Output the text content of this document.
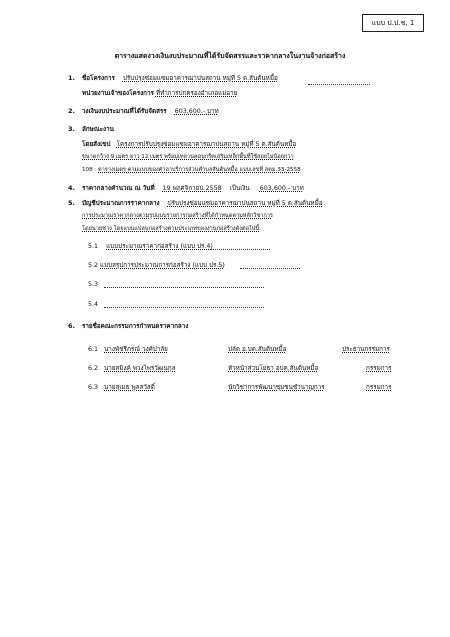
แบบ ป.ป.ช. 1
ตารางแสดงวงเงินงบประมาณที่ได้รับจัดสรรและราคากลางในงานจ้างก่อสร้าง
1. ชื่อโครงการ ปรับปรุงซ่อมแซมอาคารฌาปนสถาน หมู่ที่ 5 ต.สันต้นหมื้อ
หน่วยงานเจ้าของโครงการ ที่ทำการปกครองอำเภอแม่อาย
2. วงเงินงบประมาณที่ได้รับจัดสรร 603,600.- บาท
3. ลักษณะงาน
โดยสังเขป โครงการปรับปรุงซ่อมแซมอาคารฌาปนสถาน หมู่ที่ 5 ต.สันต้นหมื้อ
ขนาดกว้าง 9 เมตร ยาว 12 เมตร พร้อมเทลานคอนกรีตเสริมเหล็กพื้นที่ใช้สอยไม่น้อยกว่า
108 ตารางเมตร ตามแบบของศาลาบริการส่วนตำบลสันต้นหมื้อ แบบเลขที่ สตม.33-2558
4. ราคากลางคำนวณ ณ วันที่ 19 พฤศจิกายน 2558 เป็นเงิน 603,600.- บาท
5. บัญชีประมาณการราคากลาง ปรับปรุงซ่อมแซมอาคารฌาปนสถาน หมู่ที่ 5 ต.สันต้นหมื้อ
การประมาณราคากลางตามรูปแบบรายการก่อสร้างที่ได้กำหนดตามหลักวิชาการ
โดยนายช่าง โดยแบบแปลนก่อสร้างตามประเภทของงานก่อสร้างดังต่อไปนี้
5.1 แบบประมาณราคาก่อสร้าง (แบบ ปร.4)
5.2 แบบสรุปการประมาณการก่อสร้าง (แบบ ปร.5)
5.3
5.4
6. รายชื่อคณะกรรมการกำหนดราคากลาง
6.1 นางพัชรีภรณ์ วงศ์ปาลัย	ปลัด อ.บต.สันต้นหมื้อ	ประธานกรรมการ
6.2 นายสมิงค์ พวงไพรวัฒนกุล	หัวหน้าส่วนโยธา อบต.สันต้นหมื้อ	กรรมการ
6.3 นายสุเมธ พูลสวัสดิ์	นักวิชาการพัฒนาชุมชนชำนาญการ	กรรมการ
